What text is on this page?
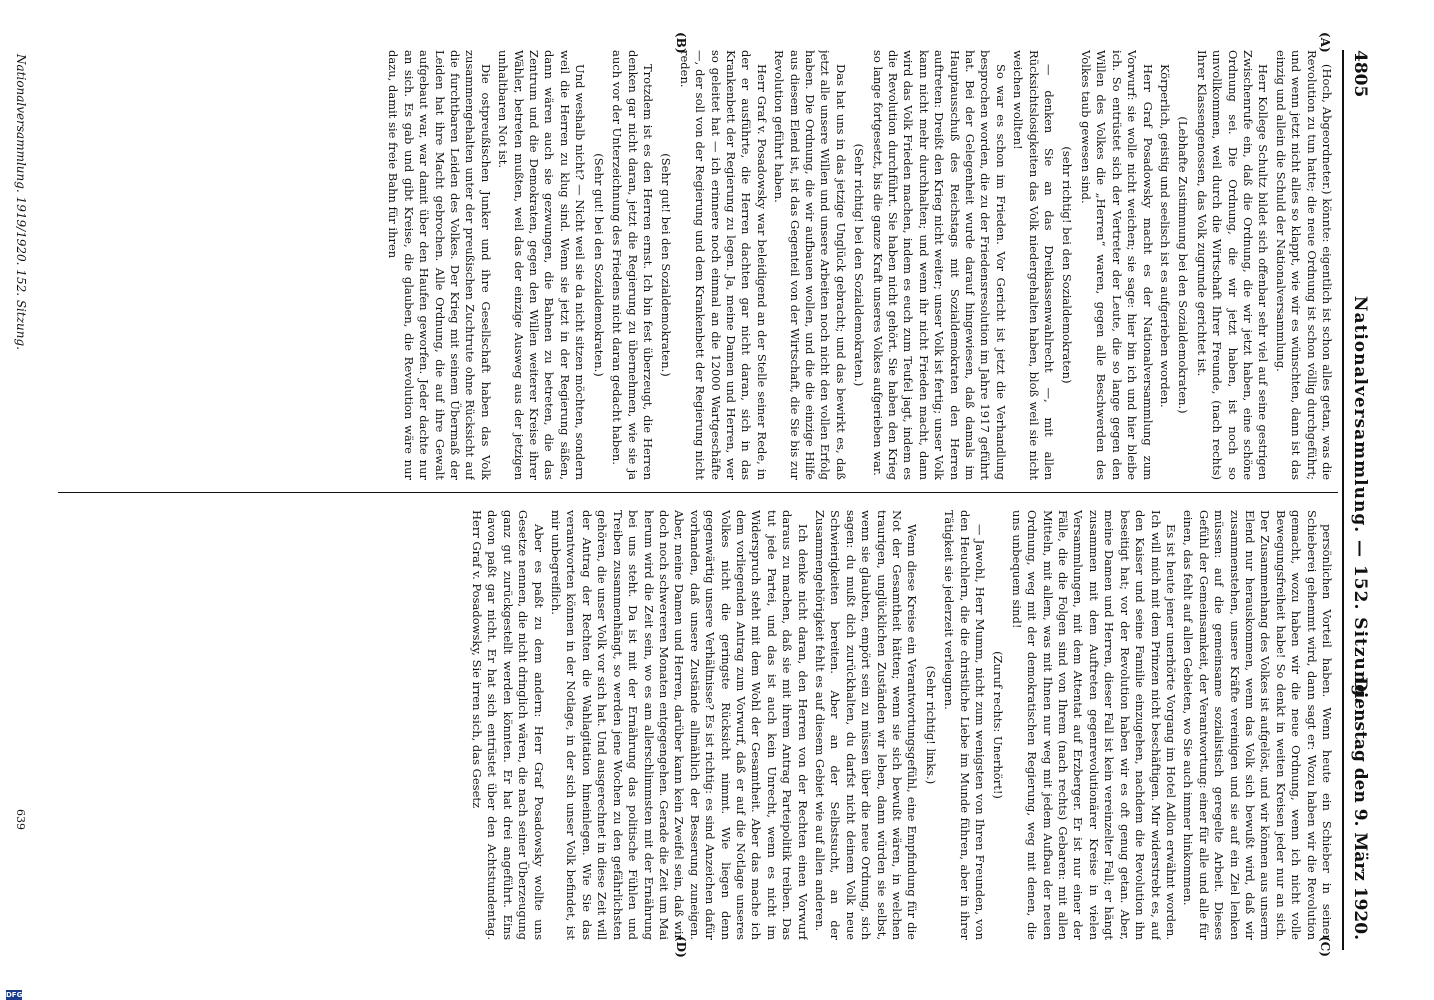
4805
Nationalversammlung. — 152. Sitzung.
Dienstag den 9. März 1920.

(Hoch, Abgeordneter.) könnte: eigentlich ist schon alles getan, was die Revolution zu tun hatte; die neue Ordnung ist schon völlig durchgeführt; und wenn jetzt nicht alles so klappt, wie wir es wünschten, dann ist das einzig und allein die Schuld der Nationalversammlung.

Herr Kollege Schultz bildet sich offenbar sehr viel auf seine gestrigen Zwischenrufe ein, daß die Ordnung, die wir jetzt haben, eine schöne Ordnung sei. Die Ordnung, die wir jetzt haben, ist noch so unvollkommen, weil durch die Wirtschaft Ihrer Freunde, (nach rechts) Ihrer Klassengenossen, das Volk zugrunde gerichtet ist.

(Lebhafte Zustimmung bei den Sozialdemokraten.)

Körperlich, geistig und seelisch ist es aufgerieben worden.

Herr Graf Posadowsky macht es der Nationalversammlung zum Vorwurf: sie wolle nicht weichen; sie sage: hier bin ich und hier bleibe ich. So entrüstet sich der Vertreter der Leute, die so lange gegen den Willen des Volkes die „Herren“ waren, gegen alle Beschwerden des Volkes taub gewesen sind.

(sehr richtig! bei den Sozialdemokraten)

— denken Sie an das Dreiklassenwahlrecht —, mit allen Rücksichtslosigkeiten das Volk niedergehalten haben, bloß weil sie nicht weichen wollten!

So war es schon im Frieden. Vor Gericht ist jetzt die Verhandlung besprochen worden, die zu der Friedensresolution im Jahre 1917 geführt hat. Bei der Gelegenheit wurde darauf hingewiesen, daß damals im Hauptausschuß des Reichstags mit Sozialdemokraten den Herren auftreten: Dreißt den Krieg nicht weiter; unser Volk ist fertig; unser Volk kann nicht mehr durchhalten; und wenn ihr nicht Frieden macht, dann wird das Volk Frieden machen, indem es euch zum Teufel jagt, indem es die Revolution durchführt. Sie haben nicht gehört. Sie haben den Krieg so lange fortgesetzt, bis die ganze Kraft unseres Volkes aufgerieben war.

(Sehr richtig! bei den Sozialdemokraten.)

Das hat uns in das jetzige Unglück gebracht; und das bewirkt es, daß jetzt alle unsere Willen und unsere Arbeiten noch nicht den vollen Erfolg haben. Die Ordnung, die wir aufbauen wollen, und die die einzige Hilfe aus diesem Elend ist, ist das Gegenteil von der Wirtschaft, die Sie bis zur Revolution geführt haben.

Herr Graf v. Posadowsky war beleidigend an der Stelle seiner Rede, in der er ausführte, die Herren dachten gar nicht daran, sich in das Krankenbett der Regierung zu legen. Ja, meine Damen und Herren, wer so geleitet hat — ich erinnere noch einmal an die 12000 Wartgeschäfte —, der soll von der Regierung und dem Krankenbett der Regierung nicht reden.

(Sehr gut! bei den Sozialdemokraten.)

Trotzdem ist es den Herren ernst. Ich bin fest überzeugt, die Herren denken gar nicht daran, jetzt die Regierung zu übernehmen, wie sie ja auch vor der Unterzeichnung des Friedens nicht daran gedacht haben.

(Sehr gut! bei den Sozialdemokraten.)

Und weshalb nicht? — Nicht weil sie da nicht sitzen möchten, sondern weil die Herren zu klug sind. Wenn sie jetzt in der Regierung säßen, dann wären auch sie gezwungen, die Bahnen zu betreten, die das Zentrum und die Demokraten, gegen den Willen weiterer Kreise ihrer Wähler, betreten mußten, weil das der einzige Ausweg aus der jetzigen unhaltbaren Not ist.

Die ostpreußischen Junker und ihre Gesellschaft haben das Volk zusammengehalten unter der preußischen Zuchtrute ohne Rücksicht auf die furchtbaren Leiden des Volkes. Der Krieg mit seinem Übermaß der Leiden hat ihre Macht gebrochen. Alle Ordnung, die auf ihre Gewalt aufgebaut war, war damit über den Haufen geworfen. Jeder dachte nur an sich. Es gab und gibt Kreise, die glauben, die Revolution wäre nur dazu, damit sie freie Bahn für ihren

persönlichen Vorteil haben. Wenn heute ein Schieber in seiner Schieberei gehemmt wird, dann sagt er: Wozu haben wir die Revolution gemacht, wozu haben wir die neue Ordnung, wenn ich nicht volle Bewegungsfreiheit habe! So denkt in weiten Kreisen jeder nur an sich. Der Zusammenhang des Volkes ist aufgelöst, und wir können aus unserm Elend nur herauskommen, wenn das Volk sich bewußt wird, daß wir zusammenstehen, unsere Kräfte vereinigen und sie auf ein Ziel lenken müssen: auf die gemeinsame sozialistisch geregelte Arbeit. Dieses Gefühl der Gemeinsamkeit, der Verantwortung: einer für alle und alle für einen, das fehlt auf allen Gebieten, wo Sie auch immer hinkommen.

Es ist heute jener unerhörte Vorgang im Hotel Adlon erwähnt worden. Ich will mich mit dem Prinzen nicht beschäftigen. Mir widerstrebt es, auf den Kaiser und seine Familie einzugehen, nachdem die Revolution ihn beseitigt hat; vor der Revolution haben wir es oft genug getan. Aber, meine Damen und Herren, dieser Fall ist kein vereinzelter Fall; er hängt zusammen mit dem Auftreten gegenrevolutionärer Kreise in vielen Versammlungen, mit dem Attentat auf Erzberger. Er ist nur einer der Fälle, die die Folgen sind von Ihrem (nach rechts) Gebaren: mit allen Mitteln, mit allem, was mit Ihnen nur weg mit jedem Aufbau der neuen Ordnung, weg mit der demokratischen Regierung, weg mit denen, die uns unbequem sind!

(Zuruf rechts: Unerhört!)

— Jawohl, Herr Mumm, nicht zum wenigsten von Ihren Freunden, von den Heuchlern, die die christliche Liebe im Munde führen, aber in ihrer Tätigkeit sie jederzeit verleugnen.

(Sehr richtig! links.)

Wenn diese Kreise ein Verantwortungsgefühl, eine Empfindung für die Not der Gesamtheit hätten; wenn sie sich bewußt wären, in welchen traurigen, unglücklichen Zuständen wir leben, dann würden sie selbst, wenn sie glaubten, empört sein zu müssen über die neue Ordnung, sich sagen: du mußt dich zurückhalten, du darfst nicht deinem Volk neue Schwierigkeiten bereiten. Aber an der Selbstsucht, an der Zusammengehörigkeit fehlt es auf diesem Gebiet wie auf allen anderen.

Ich denke nicht daran, den Herren von der Rechten einen Vorwurf daraus zu machen, daß sie mit ihrem Antrag Parteipolitik treiben. Das tut jede Partei, und das ist auch kein Unrecht, wenn es nicht im Widerspruch steht mit dem Wohl der Gesamtheit. Aber das mache ich dem vorliegenden Antrag zum Vorwurf, daß er auf die Notlage unseres Volkes nicht die geringste Rücksicht nimmt. Wie liegen denn gegenwärtig unsere Verhältnisse? Es ist richtig: es sind Anzeichen dafür vorhanden, daß unsere Zustände allmählich der Besserung zuneigen. Aber, meine Damen und Herren, darüber kann kein Zweifel sein, daß wir doch noch schwereren Monaten entgegengehen. Gerade die Zeit um Mai herum wird die Zeit sein, wo es am allerschlimmsten mit der Ernährung bei uns steht. Da ist mit der Ernährung das politische Fühlen und Treiben zusammenhängt, so werden jene Wochen zu den gefährlichsten gehören, die unser Volk vor sich hat. Und ausgerechnet in diese Zeit will der Antrag der Rechten die Wahlagitation hineinlegen. Wie Sie das verantworten können in der Notlage, in der sich unser Volk befindet, ist mir unbegreiflich.

Aber es paßt zu dem andern: Herr Graf Posadowsky wollte uns Gesetze nennen, die nicht dringlich wären, die nach seiner Überzeugung ganz gut zurückgestellt werden könnten. Er hat drei angeführt. Eins davon paßt gar nicht. Er hat sich entrüstet über den Achtstundentag. Herr Graf v. Posadowsky, Sie irren sich, das Gesetz

(A)
(B)
(C)
(D)
Nationalversammlung. 1919/1920. 152. Sitzung.
639
DFG
